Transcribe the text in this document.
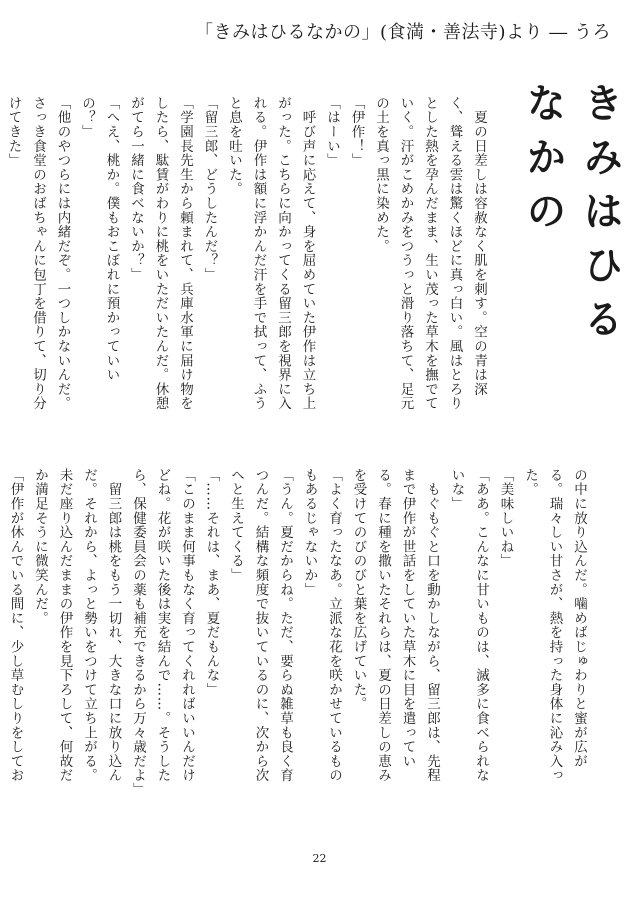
「きみはひるなかの」(食満・善法寺)より ― うろ
きみはひるなかの

　夏の日差しは容赦なく肌を刺す。空の青は深く、聳える雲は驚くほどに真っ白い。風はとろりとした熱を孕んだまま、生い茂った草木を撫でていく。汗がこめかみをつうっと滑り落ちて、足元の土を真っ黒に染めた。

「伊作！」

「はーい」

　呼び声に応えて、身を屈めていた伊作は立ち上がった。こちらに向かってくる留三郎を視界に入れる。伊作は額に浮かんだ汗を手で拭って、ふうと息を吐いた。

「留三郎、どうしたんだ？」

「学園長先生から頼まれて、兵庫水軍に届け物をしたら、駄賃がわりに桃をいただいたんだ。休憩がてら一緒に食べないか？」

「へえ、桃か。僕もおこぼれに預かっていいの？」

「他のやつらには内緒だぞ。一つしかないんだ。さっき食堂のおばちゃんに包丁を借りて、切り分けてきた」

の中に放り込んだ。噛めばじゅわりと蜜が広がる。瑞々しい甘さが、熱を持った身体に沁み入った。

「美味しいね」

「ああ。こんなに甘いものは、滅多に食べられないな」

　もぐもぐと口を動かしながら、留三郎は、先程まで伊作が世話をしていた草木に目を遣っている。春に種を撒いたそれらは、夏の日差しの恵みを受けてのびのびと葉を広げていた。

「よく育ったなあ。立派な花を咲かせているものもあるじゃないか」

「うん。夏だからね。ただ、要らぬ雑草も良く育つんだ。結構な頻度で抜いているのに、次から次へと生えてくる」

「……それは、まあ、夏だもんな」

「このまま何事もなく育ってくれればいいんだけどね。花が咲いた後は実を結んで……。そうしたら、保健委員会の薬も補充できるから万々歳だよ」

　留三郎は桃をもう一切れ、大きな口に放り込んだ。それから、よっと勢いをつけて立ち上がる。未だ座り込んだままの伊作を見下ろして、何故だか満足そうに微笑んだ。

「伊作が休んでいる間に、少し草むしりをしてお

22
